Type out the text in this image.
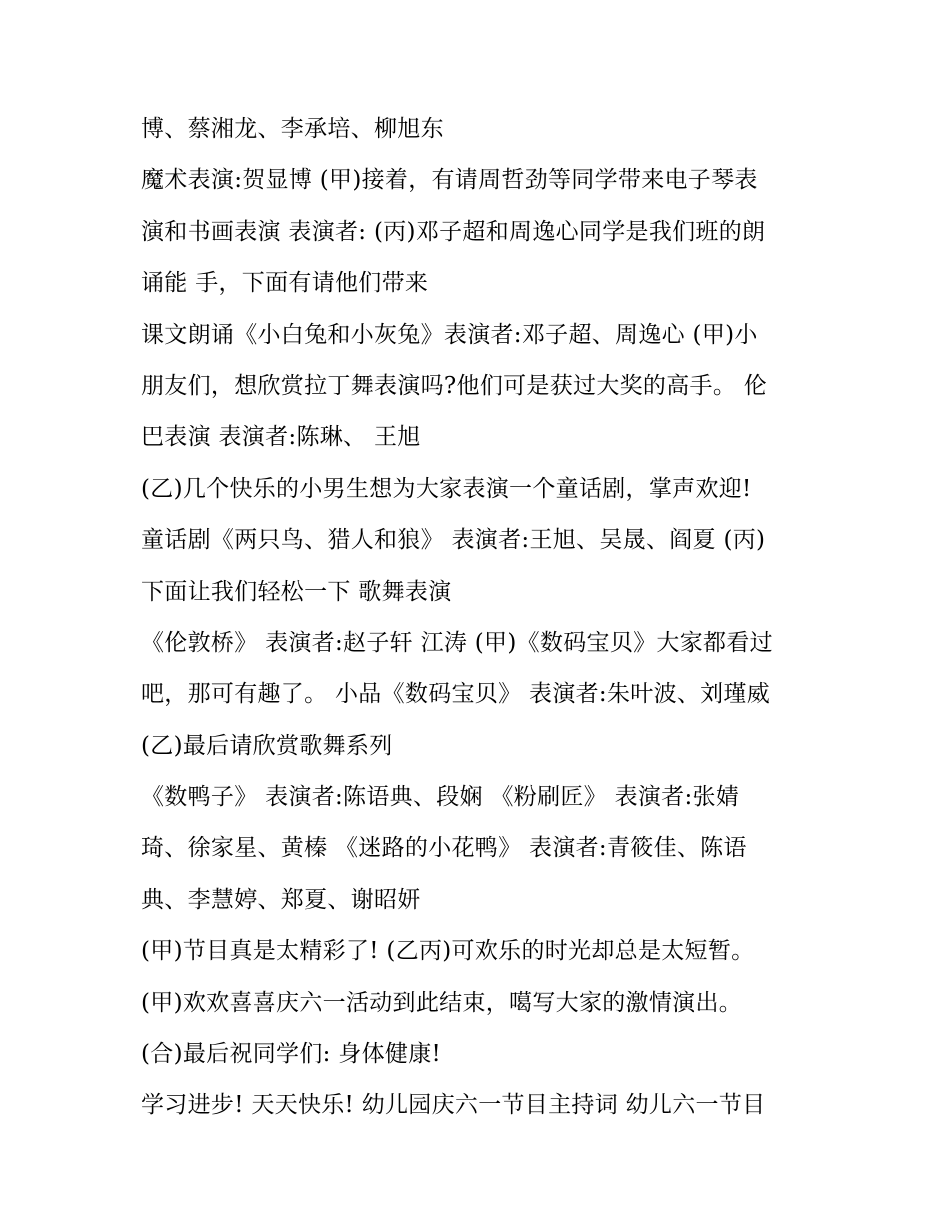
博、蔡湘龙、李承培、柳旭东
魔术表演:贺显博 (甲)接着，有请周哲劲等同学带来电子琴表
演和书画表演 表演者: (丙)邓子超和周逸心同学是我们班的朗
诵能 手，下面有请他们带来
课文朗诵《小白兔和小灰兔》表演者:邓子超、周逸心 (甲)小
朋友们，想欣赏拉丁舞表演吗?他们可是获过大奖的高手。 伦
巴表演 表演者:陈琳、 王旭
(乙)几个快乐的小男生想为大家表演一个童话剧，掌声欢迎!
童话剧《两只鸟、猎人和狼》 表演者:王旭、吴晟、阎夏 (丙)
下面让我们轻松一下 歌舞表演
《伦敦桥》 表演者:赵子轩 江涛 (甲)《数码宝贝》大家都看过
吧，那可有趣了。 小品《数码宝贝》 表演者:朱叶波、刘瑾威
(乙)最后请欣赏歌舞系列
《数鸭子》 表演者:陈语典、段娴 《粉刷匠》 表演者:张婧
琦、徐家星、黄榛 《迷路的小花鸭》 表演者:青筱佳、陈语
典、李慧婷、郑夏、谢昭妍
(甲)节目真是太精彩了! (乙丙)可欢乐的时光却总是太短暂。
(甲)欢欢喜喜庆六一活动到此结束，噶写大家的激情演出。
(合)最后祝同学们: 身体健康!
学习进步! 天天快乐! 幼儿园庆六一节目主持词 幼儿六一节目
